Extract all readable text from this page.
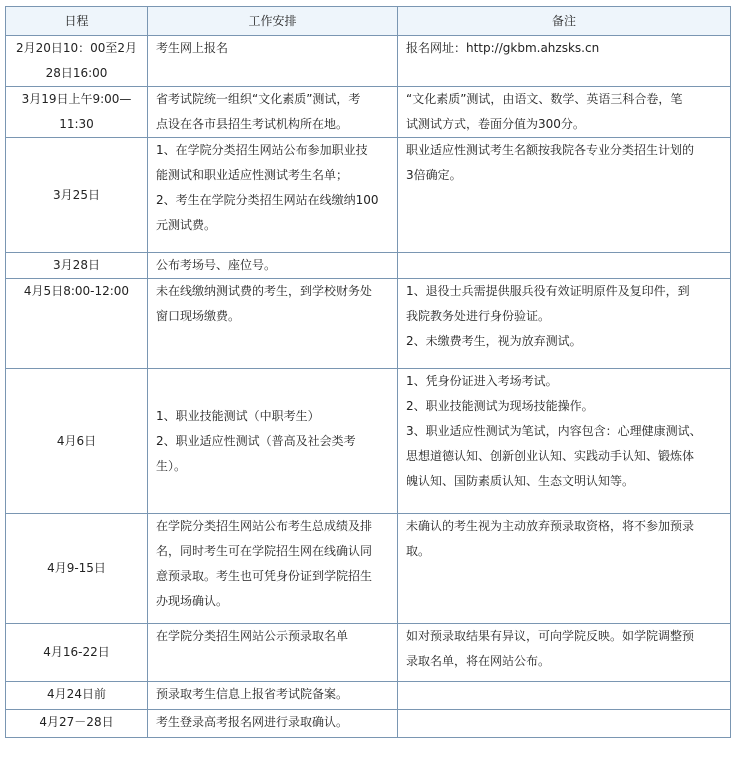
日程	工作安排	备注

2月20日10：00至2月
28日16:00	考生网上报名	报名网址：http://gkbm.ahzsks.cn

3月19日上午9:00—
11:30	省考试院统一组织“文化素质”测试，考
点设在各市县招生考试机构所在地。	“文化素质”测试，由语文、数学、英语三科合卷，笔
试测试方式，卷面分值为300分。

3月25日	1、在学院分类招生网站公布参加职业技
能测试和职业适应性测试考生名单；
2、考生在学院分类招生网站在线缴纳100
元测试费。	职业适应性测试考生名额按我院各专业分类招生计划的
3倍确定。

3月28日	公布考场号、座位号。	

4月5日8:00-12:00	未在线缴纳测试费的考生，到学校财务处
窗口现场缴费。	1、退役士兵需提供服兵役有效证明原件及复印件，到
我院教务处进行身份验证。
2、未缴费考生，视为放弃测试。

4月6日	1、职业技能测试（中职考生）
2、职业适应性测试（普高及社会类考
生）。	1、凭身份证进入考场考试。
2、职业技能测试为现场技能操作。
3、职业适应性测试为笔试，内容包含：心理健康测试、
思想道德认知、创新创业认知、实践动手认知、锻炼体
魄认知、国防素质认知、生态文明认知等。

4月9-15日	在学院分类招生网站公布考生总成绩及排
名，同时考生可在学院招生网在线确认同
意预录取。考生也可凭身份证到学院招生
办现场确认。	未确认的考生视为主动放弃预录取资格，将不参加预录
取。

4月16-22日	在学院分类招生网站公示预录取名单	如对预录取结果有异议，可向学院反映。如学院调整预
录取名单，将在网站公布。

4月24日前	预录取考生信息上报省考试院备案。	

4月27－28日	考生登录高考报名网进行录取确认。	
